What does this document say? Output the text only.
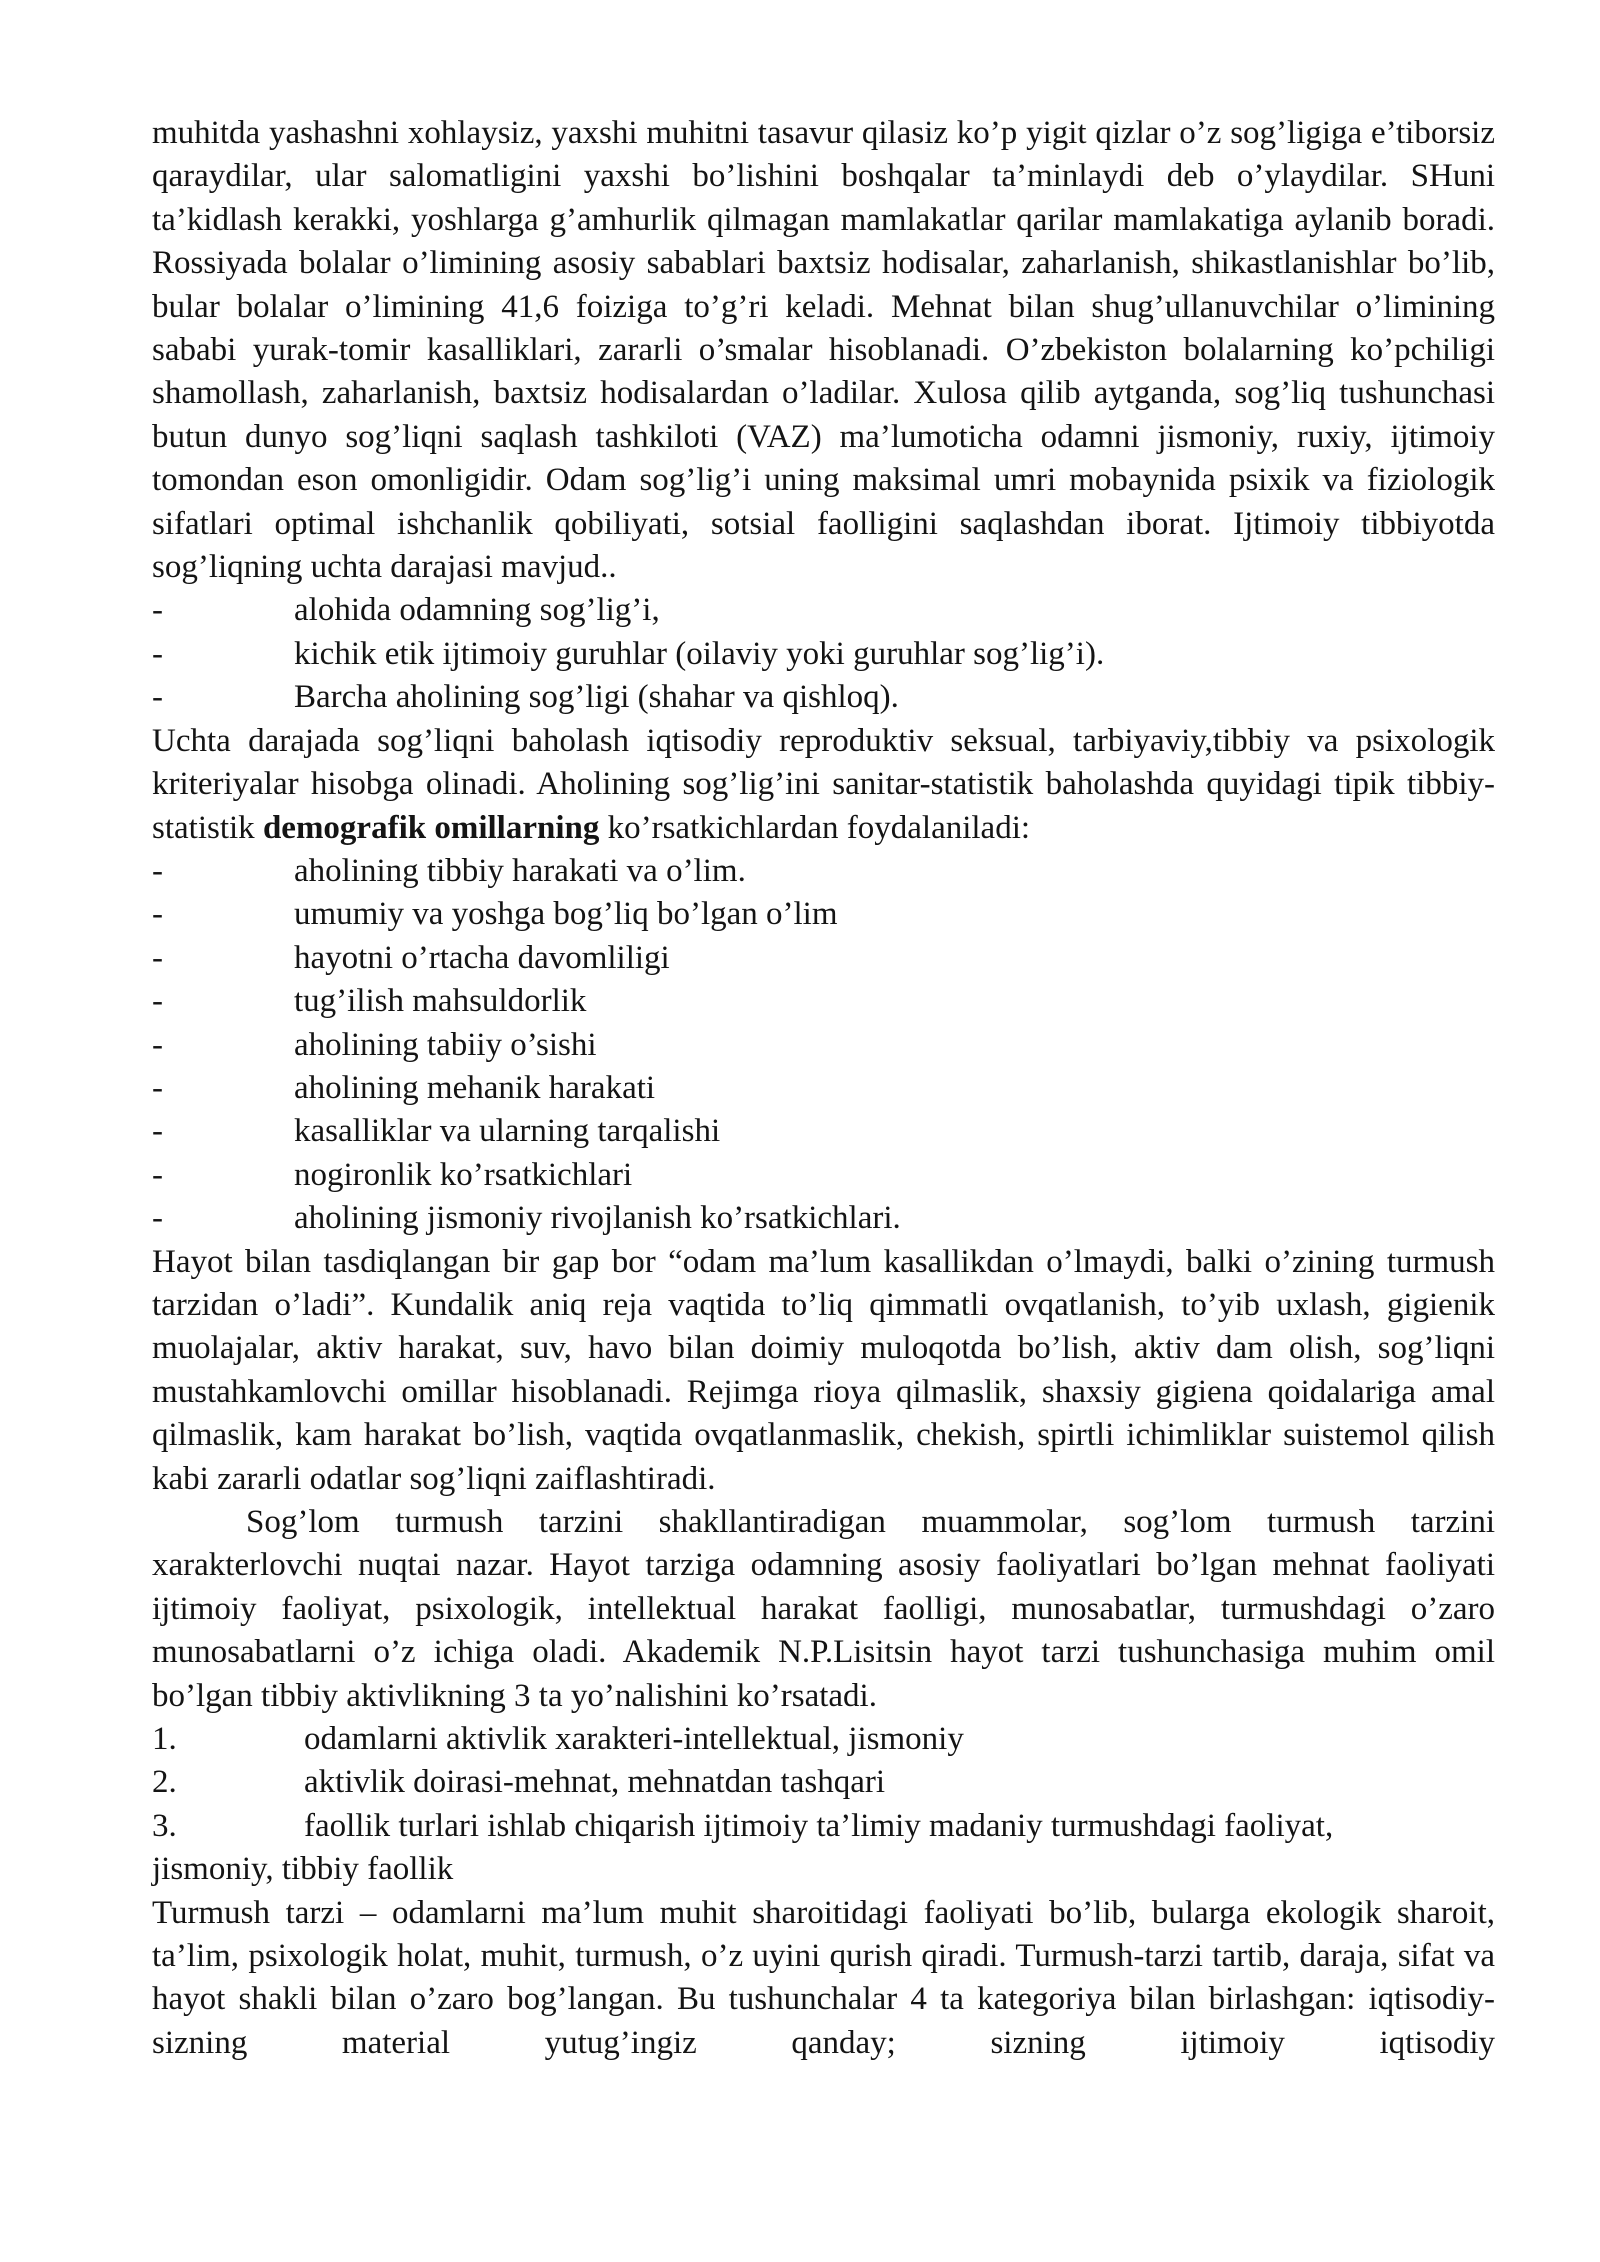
muhitda yashashni xohlaysiz, yaxshi muhitni tasavur qilasiz ko’p yigit qizlar o’z sog’ligiga e’tiborsiz qaraydilar, ular salomatligini yaxshi bo’lishini boshqalar ta’minlaydi deb o’ylaydilar. SHuni ta’kidlash kerakki, yoshlarga g’amhurlik qilmagan mamlakatlar qarilar mamlakatiga aylanib boradi. Rossiyada bolalar o’limining asosiy sabablari baxtsiz hodisalar, zaharlanish, shikastlanishlar bo’lib, bular bolalar o’limining 41,6 foiziga to’g’ri keladi. Mehnat bilan shug’ullanuvchilar o’limining sababi yurak-tomir kasalliklari, zararli o’smalar hisoblanadi. O’zbekiston bolalarning ko’pchiligi shamollash, zaharlanish, baxtsiz hodisalardan o’ladilar. Xulosa qilib aytganda, sog’liq tushunchasi butun dunyo sog’liqni saqlash tashkiloti (VAZ) ma’lumoticha odamni jismoniy, ruxiy, ijtimoiy tomondan eson omonligidir. Odam sog’lig’i uning maksimal umri mobaynida psixik va fiziologik sifatlari optimal ishchanlik qobiliyati, sotsial faolligini saqlashdan iborat. Ijtimoiy tibbiyotda sog’liqning uchta darajasi mavjud..

-	alohida odamning sog’lig’i,
-	kichik etik ijtimoiy guruhlar (oilaviy yoki guruhlar sog’lig’i).
-	Barcha aholining sog’ligi (shahar va qishloq).

Uchta darajada sog’liqni baholash iqtisodiy reproduktiv seksual, tarbiyaviy,tibbiy va psixologik kriteriyalar hisobga olinadi. Aholining sog’lig’ini sanitar-statistik baholashda quyidagi tipik tibbiy-statistik demografik omillarning ko’rsatkichlardan foydalaniladi:

-	aholining tibbiy harakati va o’lim.
-	umumiy va yoshga bog’liq bo’lgan o’lim
-	hayotni o’rtacha davomliligi
-	tug’ilish mahsuldorlik
-	aholining tabiiy o’sishi
-	aholining mehanik harakati
-	kasalliklar va ularning tarqalishi
-	nogironlik ko’rsatkichlari
-	aholining jismoniy rivojlanish ko’rsatkichlari.

Hayot bilan tasdiqlangan bir gap bor “odam ma’lum kasallikdan o’lmaydi, balki o’zining turmush tarzidan o’ladi”. Kundalik aniq reja vaqtida to’liq qimmatli ovqatlanish, to’yib uxlash, gigienik muolajalar, aktiv harakat, suv, havo bilan doimiy muloqotda bo’lish, aktiv dam olish, sog’liqni mustahkamlovchi omillar hisoblanadi. Rejimga rioya qilmaslik, shaxsiy gigiena qoidalariga amal qilmaslik, kam harakat bo’lish, vaqtida ovqatlanmaslik, chekish, spirtli ichimliklar suistemol qilish kabi zararli odatlar sog’liqni zaiflashtiradi.

Sog’lom turmush tarzini shakllantiradigan muammolar, sog’lom turmush tarzini xarakterlovchi nuqtai nazar. Hayot tarziga odamning asosiy faoliyatlari bo’lgan mehnat faoliyati ijtimoiy faoliyat, psixologik, intellektual harakat faolligi, munosabatlar, turmushdagi o’zaro munosabatlarni o’z ichiga oladi. Akademik N.P.Lisitsin hayot tarzi tushunchasiga muhim omil bo’lgan tibbiy aktivlikning 3 ta yo’nalishini ko’rsatadi.

1.	odamlarni aktivlik xarakteri-intellektual, jismoniy
2.	aktivlik doirasi-mehnat, mehnatdan tashqari
3.	faollik turlari ishlab chiqarish ijtimoiy ta’limiy madaniy turmushdagi faoliyat,

jismoniy, tibbiy faollik

Turmush tarzi – odamlarni ma’lum muhit sharoitidagi faoliyati bo’lib, bularga ekologik sharoit, ta’lim, psixologik holat, muhit, turmush, o’z uyini qurish qiradi. Turmush-tarzi tartib, daraja, sifat va hayot shakli bilan o’zaro bog’langan. Bu tushunchalar 4 ta kategoriya bilan birlashgan: iqtisodiy-sizning material yutug’ingiz qanday; sizning ijtimoiy iqtisodiy
